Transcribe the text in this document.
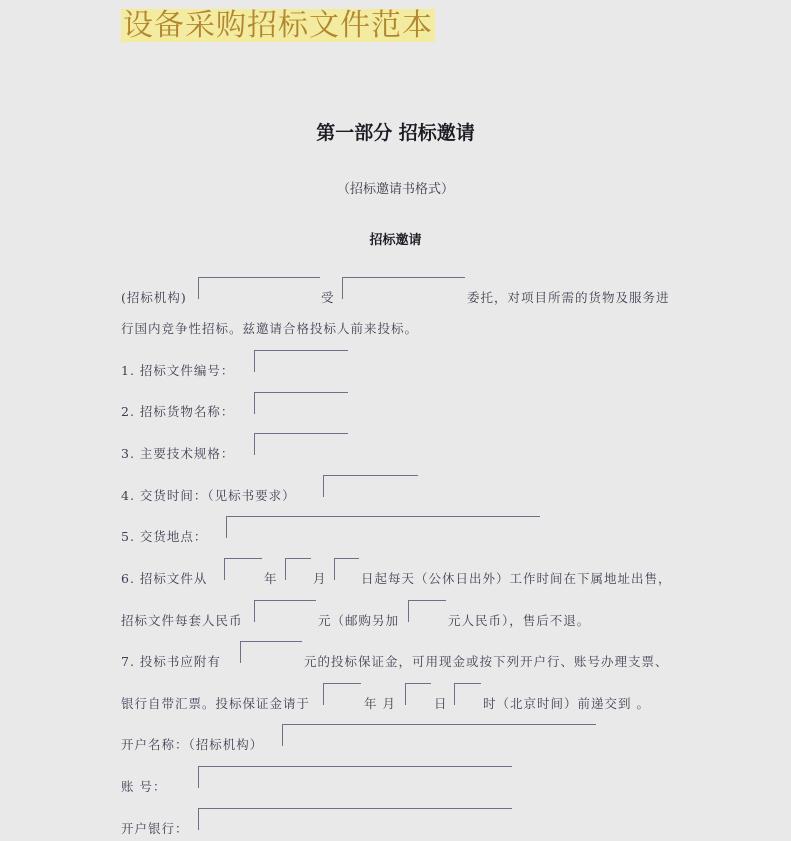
设备采购招标文件范本
第一部分 招标邀请
（招标邀请书格式）
招标邀请
(招标机构)	受	委托，对项目所需的货物及服务进
行国内竞争性招标。兹邀请合格投标人前来投标。
1. 招标文件编号：
2. 招标货物名称：
3. 主要技术规格：
4. 交货时间：（见标书要求）
5. 交货地点：
6. 招标文件从	年	月	日起每天（公休日出外）工作时间在下属地址出售，
招标文件每套人民币	元（邮购另加	元人民币），售后不退。
7. 投标书应附有	元的投标保证金，可用现金或按下列开户行、账号办理支票、
银行自带汇票。投标保证金请于	年 月	日	时（北京时间）前递交到 。
开户名称：（招标机构）
账 号：
开户银行：
